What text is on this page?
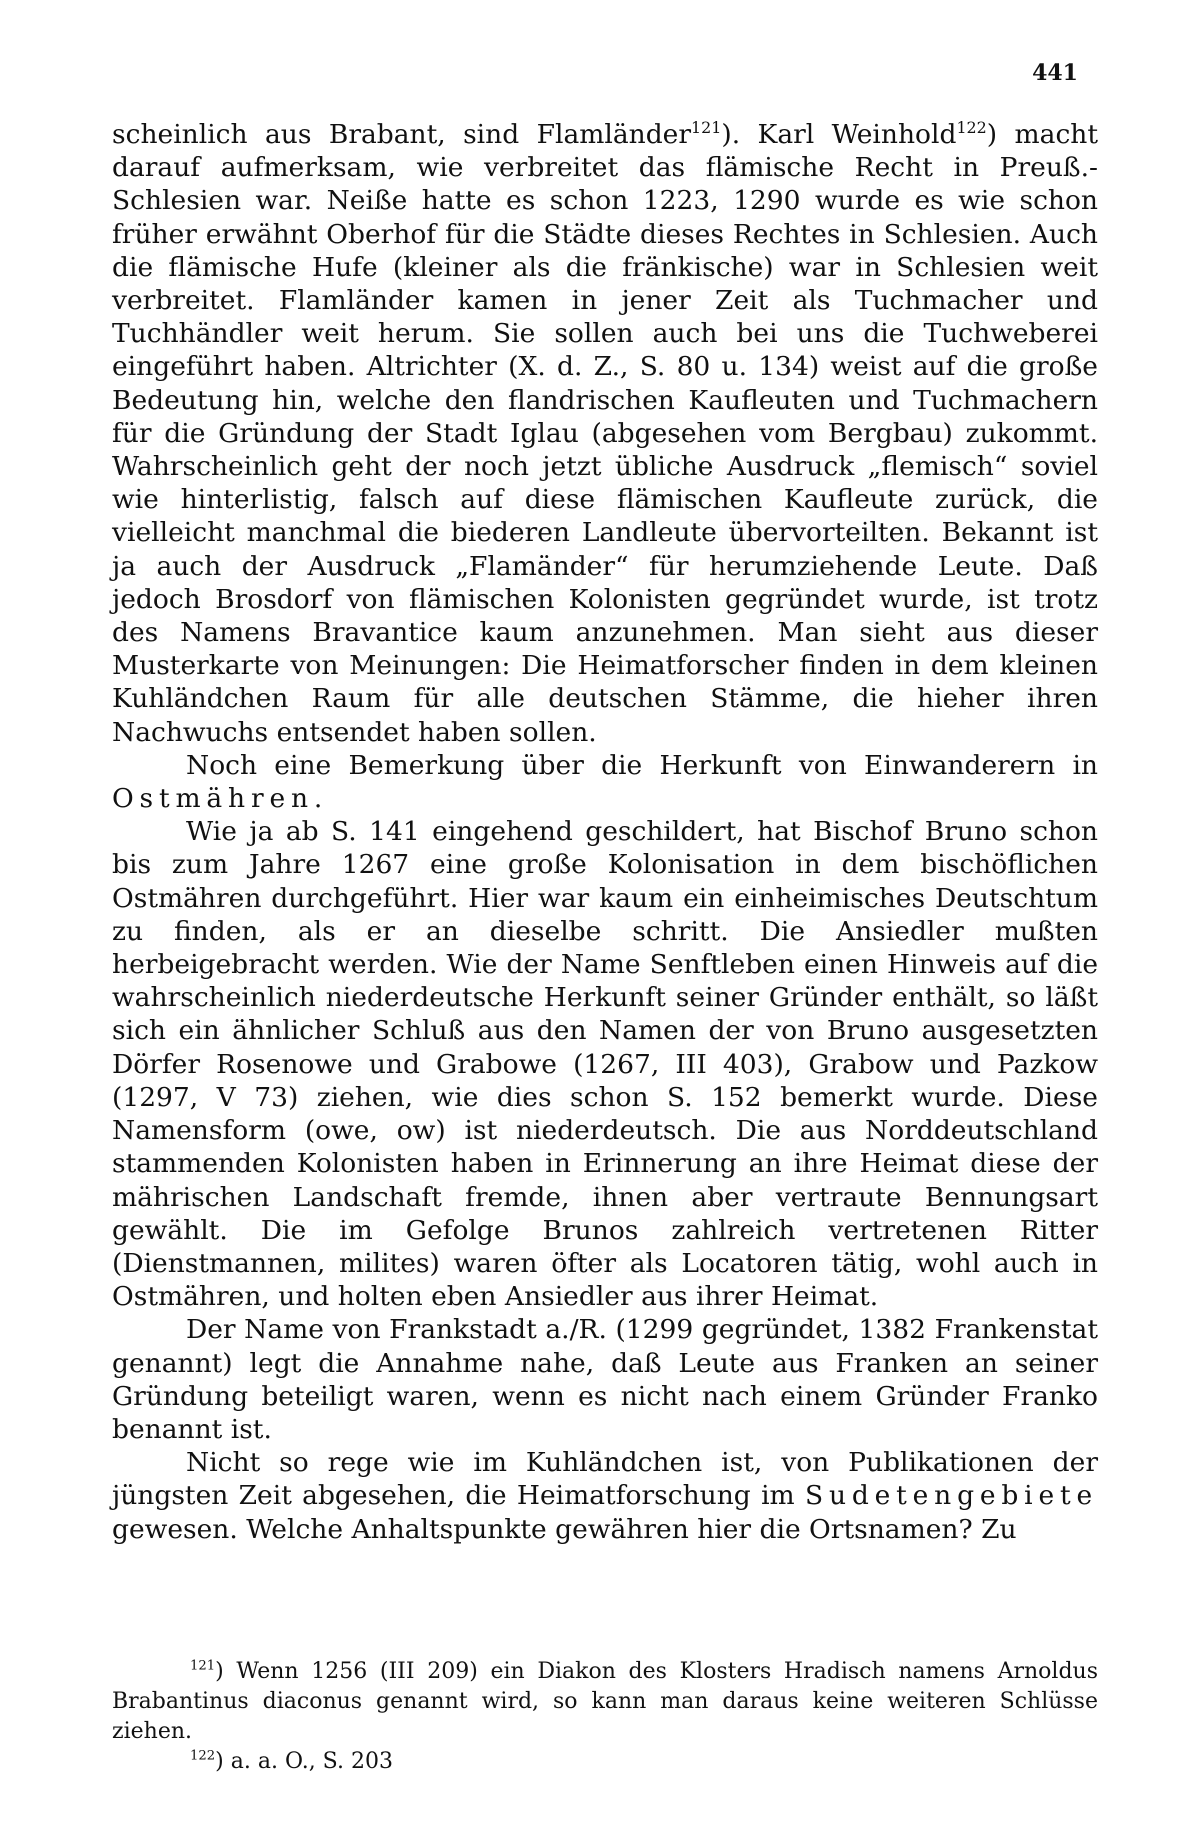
441

scheinlich aus Brabant, sind Flamländer$^{121}$). Karl Weinhold$^{122}$) macht darauf aufmerksam, wie verbreitet das flämische Recht in Preuß.-Schlesien war. Neiße hatte es schon 1223, 1290 wurde es wie schon früher erwähnt Oberhof für die Städte dieses Rechtes in Schlesien. Auch die flämische Hufe (kleiner als die fränkische) war in Schlesien weit verbreitet. Flamländer kamen in jener Zeit als Tuchmacher und Tuchhändler weit herum. Sie sollen auch bei uns die Tuchweberei eingeführt haben. Altrichter (X. d. Z., S. 80 u. 134) weist auf die große Bedeutung hin, welche den flandrischen Kaufleuten und Tuchmachern für die Gründung der Stadt Iglau (abgesehen vom Bergbau) zukommt. Wahrscheinlich geht der noch jetzt übliche Ausdruck „flemisch“ soviel wie hinterlistig, falsch auf diese flämischen Kaufleute zurück, die vielleicht manchmal die biederen Landleute übervorteilten. Bekannt ist ja auch der Ausdruck „Flamänder“ für herumziehende Leute. Daß jedoch Brosdorf von flämischen Kolonisten gegründet wurde, ist trotz des Namens Bravantice kaum anzunehmen. Man sieht aus dieser Musterkarte von Meinungen: Die Heimatforscher finden in dem kleinen Kuhländchen Raum für alle deutschen Stämme, die hieher ihren Nachwuchs entsendet haben sollen.

Noch eine Bemerkung über die Herkunft von Einwanderern in Ostmähren.

Wie ja ab S. 141 eingehend geschildert, hat Bischof Bruno schon bis zum Jahre 1267 eine große Kolonisation in dem bischöflichen Ostmähren durchgeführt. Hier war kaum ein einheimisches Deutschtum zu finden, als er an dieselbe schritt. Die Ansiedler mußten herbeigebracht werden. Wie der Name Senftleben einen Hinweis auf die wahrscheinlich niederdeutsche Herkunft seiner Gründer enthält, so läßt sich ein ähnlicher Schluß aus den Namen der von Bruno ausgesetzten Dörfer Rosenowe und Grabowe (1267, III 403), Grabow und Pazkow (1297, V 73) ziehen, wie dies schon S. 152 bemerkt wurde. Diese Namensform (owe, ow) ist niederdeutsch. Die aus Norddeutschland stammenden Kolonisten haben in Erinnerung an ihre Heimat diese der mährischen Landschaft fremde, ihnen aber vertraute Bennungsart gewählt. Die im Gefolge Brunos zahlreich vertretenen Ritter (Dienstmannen, milites) waren öfter als Locatoren tätig, wohl auch in Ostmähren, und holten eben Ansiedler aus ihrer Heimat.

Der Name von Frankstadt a./R. (1299 gegründet, 1382 Frankenstat genannt) legt die Annahme nahe, daß Leute aus Franken an seiner Gründung beteiligt waren, wenn es nicht nach einem Gründer Franko benannt ist.

Nicht so rege wie im Kuhländchen ist, von Publikationen der jüngsten Zeit abgesehen, die Heimatforschung im Sudetengebiete gewesen. Welche Anhaltspunkte gewähren hier die Ortsnamen? Zu

$^{121}$) Wenn 1256 (III 209) ein Diakon des Klosters Hradisch namens Arnoldus Brabantinus diaconus genannt wird, so kann man daraus keine weiteren Schlüsse ziehen.

$^{122}$) a. a. O., S. 203
